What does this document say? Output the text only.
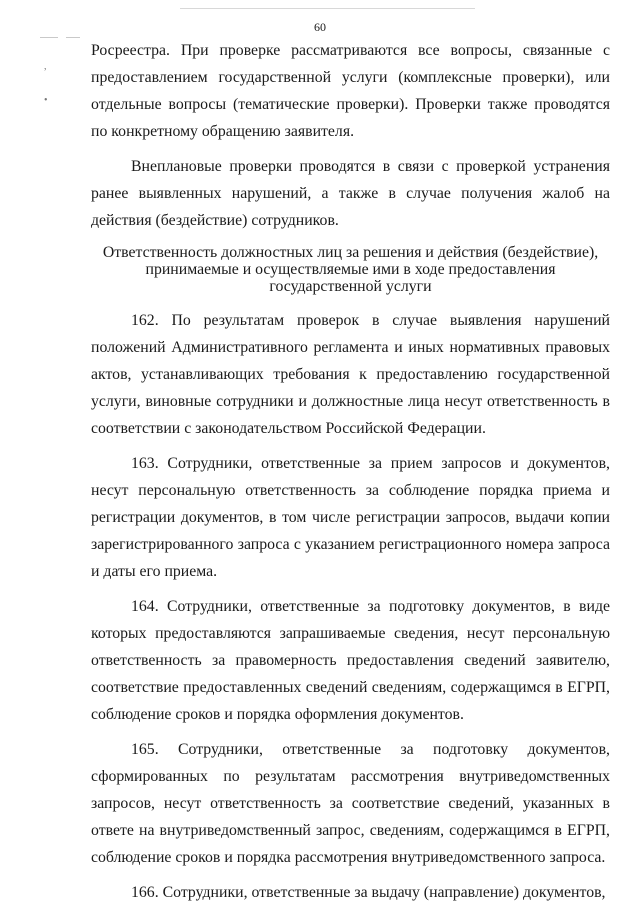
60
,
•

Росреестра. При проверке рассматриваются все вопросы, связанные с предоставлением государственной услуги (комплексные проверки), или отдельные вопросы (тематические проверки). Проверки также проводятся по конкретному обращению заявителя.

Внеплановые проверки проводятся в связи с проверкой устранения ранее выявленных нарушений, а также в случае получения жалоб на действия (бездействие) сотрудников.

Ответственность должностных лиц за решения и действия (бездействие),
принимаемые и осуществляемые ими в ходе предоставления
государственной услуги

162. По результатам проверок в случае выявления нарушений положений Административного регламента и иных нормативных правовых актов, устанавливающих требования к предоставлению государственной услуги, виновные сотрудники и должностные лица несут ответственность в соответствии с законодательством Российской Федерации.

163. Сотрудники, ответственные за прием запросов и документов, несут персональную ответственность за соблюдение порядка приема и регистрации документов, в том числе регистрации запросов, выдачи копии зарегистрированного запроса с указанием регистрационного номера запроса и даты его приема.

164. Сотрудники, ответственные за подготовку документов, в виде которых предоставляются запрашиваемые сведения, несут персональную ответственность за правомерность предоставления сведений заявителю, соответствие предоставленных сведений сведениям, содержащимся в ЕГРП, соблюдение сроков и порядка оформления документов.

165. Сотрудники, ответственные за подготовку документов, сформированных по результатам рассмотрения внутриведомственных запросов, несут ответственность за соответствие сведений, указанных в ответе на внутриведомственный запрос, сведениям, содержащимся в ЕГРП, соблюдение сроков и порядка рассмотрения внутриведомственного запроса.

166. Сотрудники, ответственные за выдачу (направление) документов,
